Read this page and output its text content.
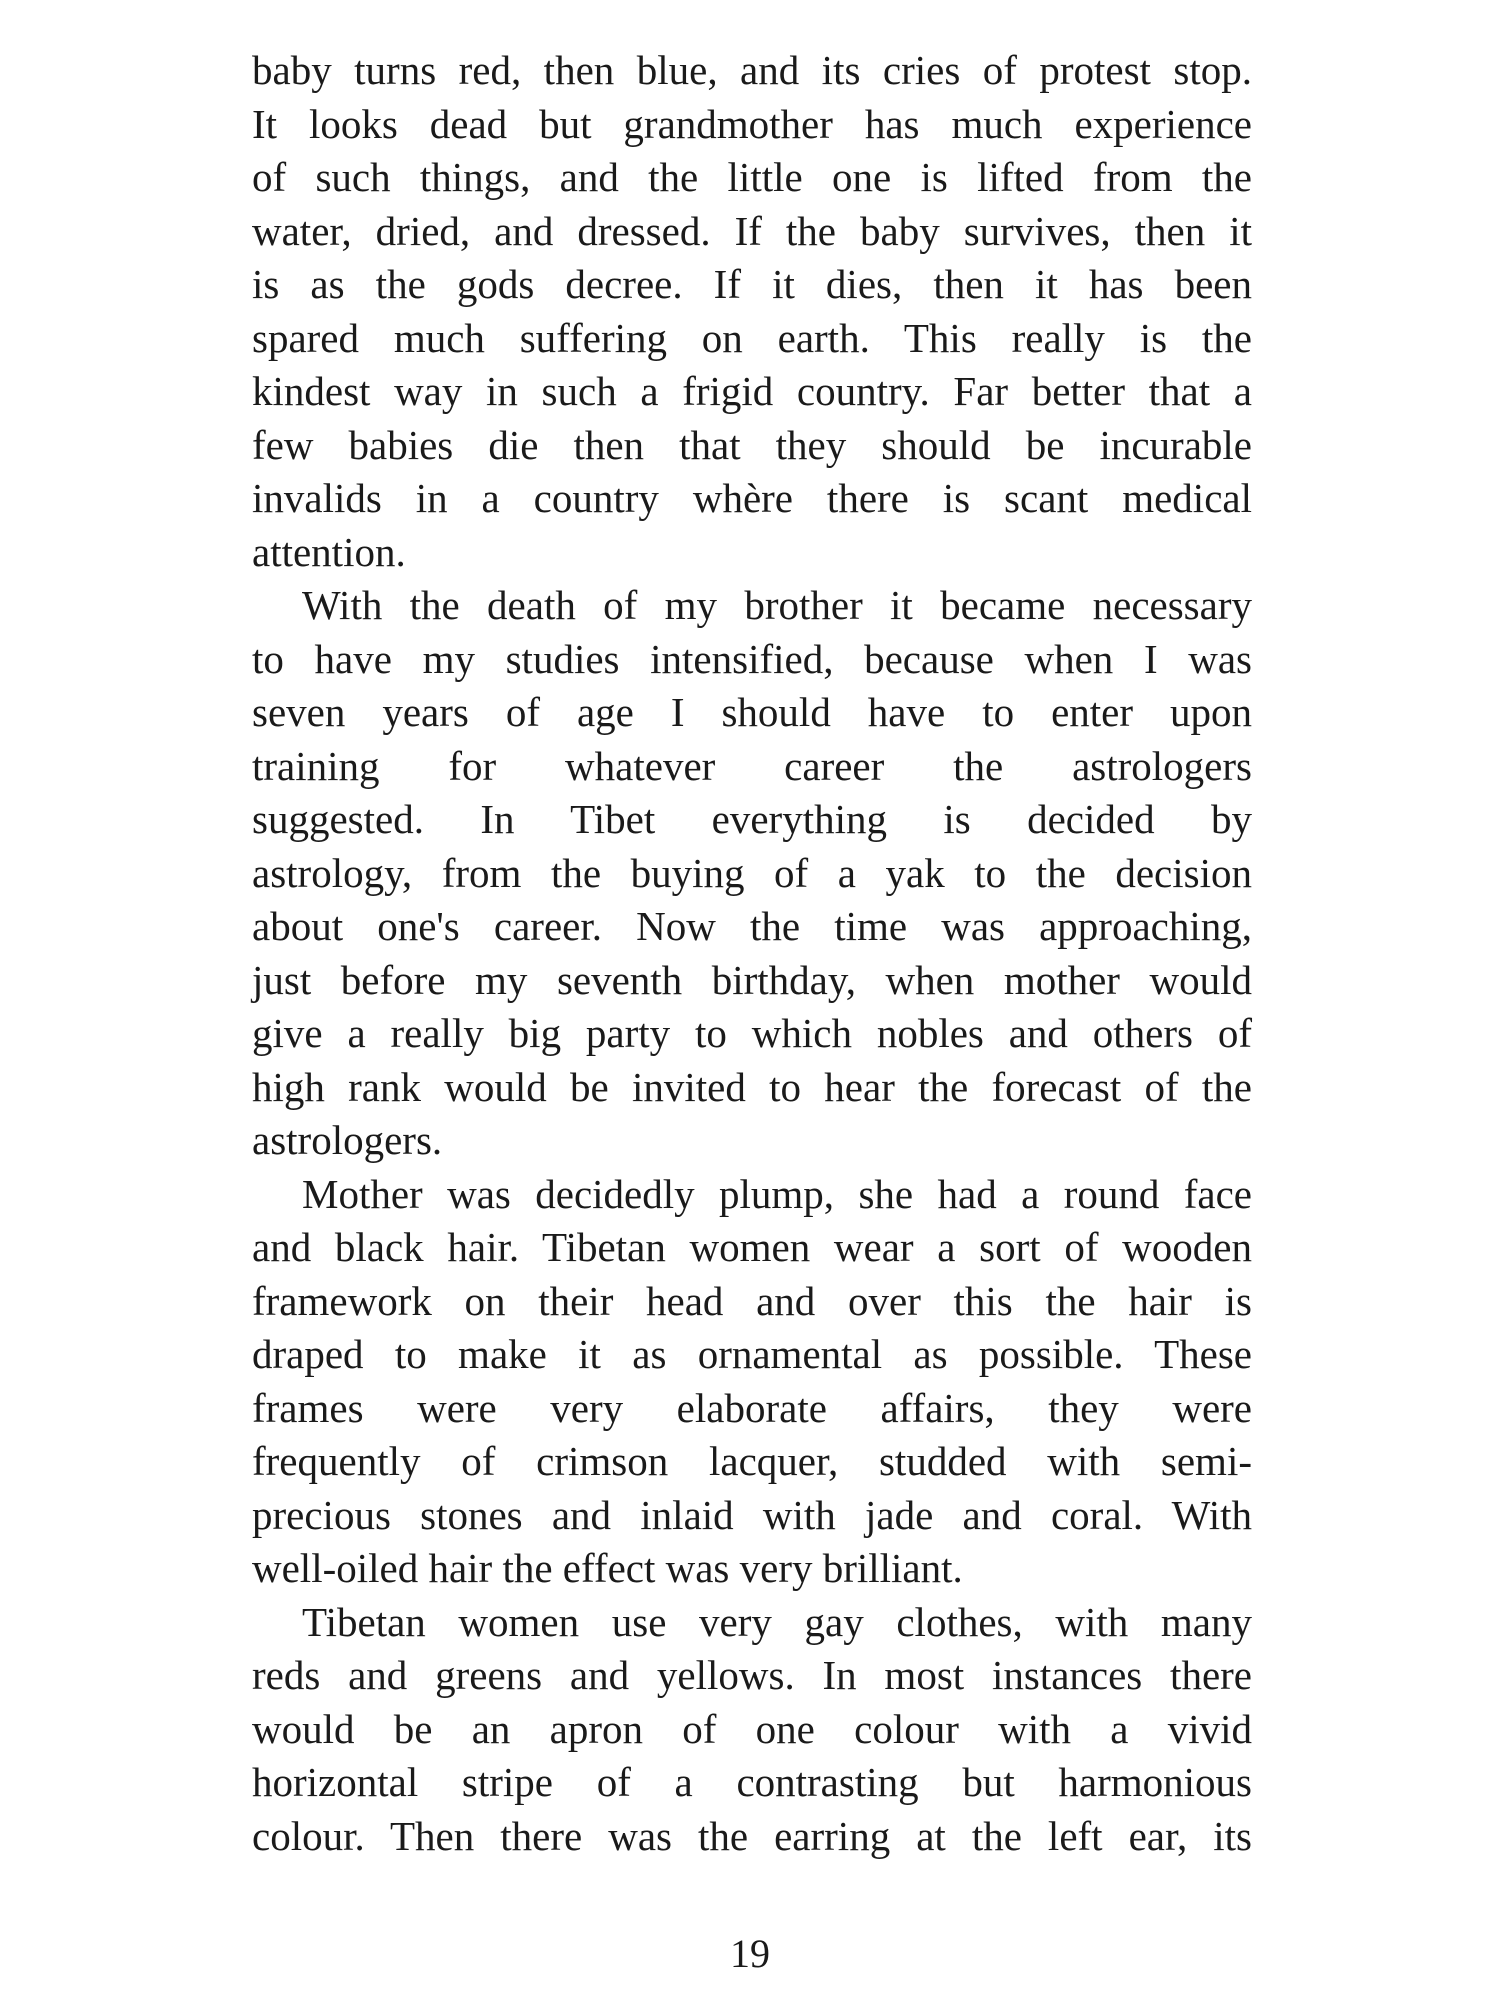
baby turns red, then blue, and its cries of protest stop.
It looks dead but grandmother has much experience
of such things, and the little one is lifted from the
water, dried, and dressed. If the baby survives, then it
is as the gods decree. If it dies, then it has been
spared much suffering on earth. This really is the
kindest way in such a frigid country. Far better that a
few babies die then that they should be incurable
invalids in a country whère there is scant medical
attention.

With the death of my brother it became necessary
to have my studies intensified, because when I was
seven years of age I should have to enter upon
training for whatever career the astrologers
suggested. In Tibet everything is decided by
astrology, from the buying of a yak to the decision
about one's career. Now the time was approaching,
just before my seventh birthday, when mother would
give a really big party to which nobles and others of
high rank would be invited to hear the forecast of the
astrologers.

Mother was decidedly plump, she had a round face
and black hair. Tibetan women wear a sort of wooden
framework on their head and over this the hair is
draped to make it as ornamental as possible. These
frames were very elaborate affairs, they were
frequently of crimson lacquer, studded with semi-
precious stones and inlaid with jade and coral. With
well-oiled hair the effect was very brilliant.

Tibetan women use very gay clothes, with many
reds and greens and yellows. In most instances there
would be an apron of one colour with a vivid
horizontal stripe of a contrasting but harmonious
colour. Then there was the earring at the left ear, its

19
